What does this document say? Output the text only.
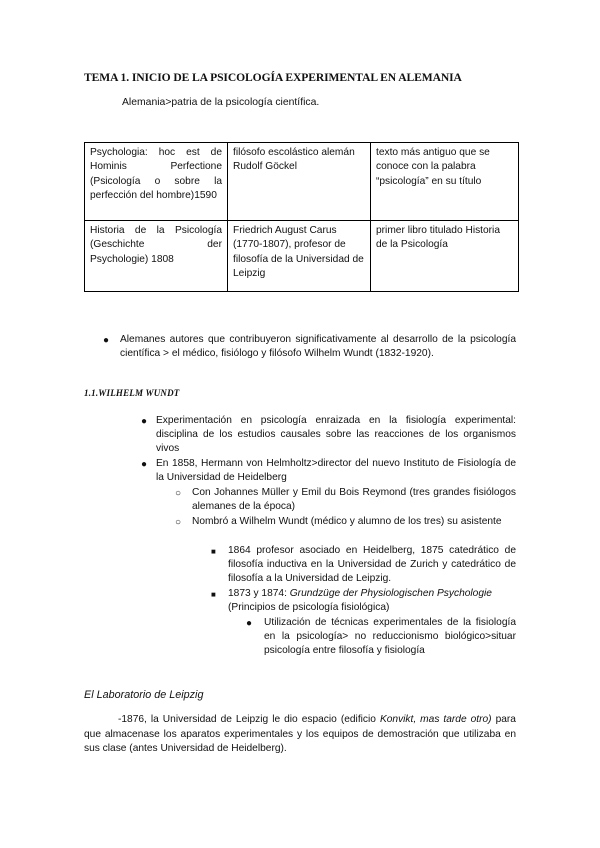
TEMA 1. INICIO DE LA PSICOLOGÍA EXPERIMENTAL EN ALEMANIA
Alemania>patria de la psicología científica.
Psychologia: hoc est de Hominis Perfectione (Psicología o sobre la perfección del hombre)1590	filósofo escolástico alemán Rudolf Göckel	texto más antiguo que se conoce con la palabra “psicología” en su título
Historia de la Psicología (Geschichte der Psychologie) 1808	Friedrich August Carus (1770-1807), profesor de filosofía de la Universidad de Leipzig	primer libro titulado Historia de la Psicología
● Alemanes autores que contribuyeron significativamente al desarrollo de la psicología científica > el médico, fisiólogo y filósofo Wilhelm Wundt (1832-1920).
1.1.WILHELM WUNDT
● Experimentación en psicología enraizada en la fisiología experimental: disciplina de los estudios causales sobre las reacciones de los organismos vivos
● En 1858, Hermann von Helmholtz>director del nuevo Instituto de Fisiología de la Universidad de Heidelberg
○ Con Johannes Müller y Emil du Bois Reymond (tres grandes fisiólogos alemanes de la época)
○ Nombró a Wilhelm Wundt (médico y alumno de los tres) su asistente
■ 1864 profesor asociado en Heidelberg, 1875 catedrático de filosofía inductiva en la Universidad de Zurich y catedrático de filosofía a la Universidad de Leipzig.
■ 1873 y 1874: Grundzüge der Physiologischen Psychologie
(Principios de psicología fisiológica)
● Utilización de técnicas experimentales de la fisiología en la psicología> no reduccionismo biológico>situar psicología entre filosofía y fisiología
El Laboratorio de Leipzig
-1876, la Universidad de Leipzig le dio espacio (edificio Konvikt, mas tarde otro) para que almacenase los aparatos experimentales y los equipos de demostración que utilizaba en sus clase (antes Universidad de Heidelberg).
